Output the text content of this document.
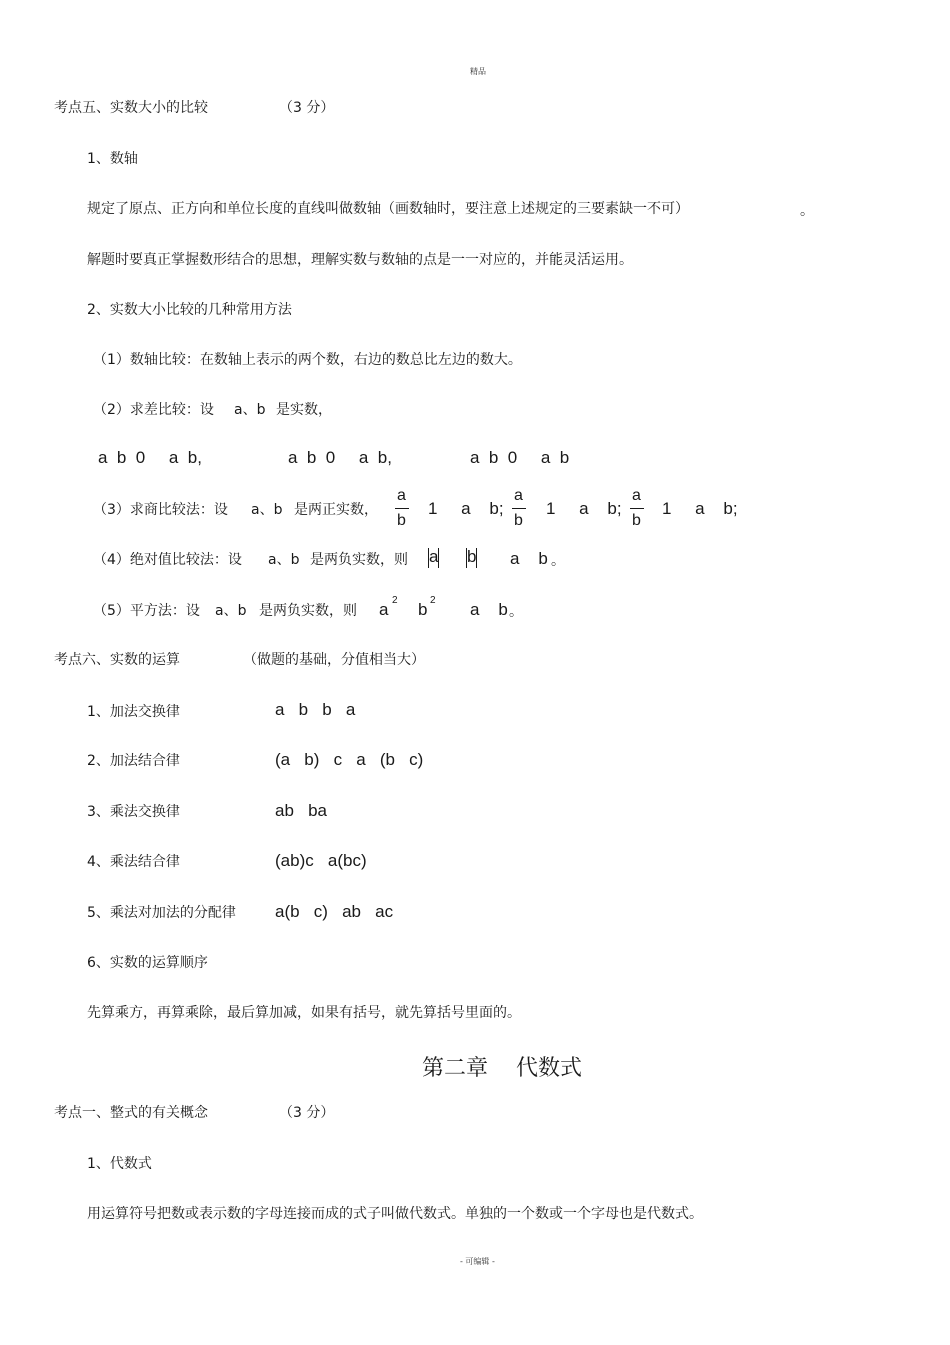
精品
考点五、实数大小的比较	（3 分）
1、数轴
规定了原点、正方向和单位长度的直线叫做数轴（画数轴时，要注意上述规定的三要素缺一不可）	。
解题时要真正掌握数形结合的思想，理解实数与数轴的点是一一对应的，并能灵活运用。
2、实数大小比较的几种常用方法
（1）数轴比较：在数轴上表示的两个数，右边的数总比左边的数大。
（2）求差比较：设 a、b 是实数，
a  b  0     a  b,	a  b  0     a  b,	a  b  0     a  b
（3）求商比较法：设 a、b 是两正实数，
a
b
1     a    b;
a
b
1     a    b;
a
b
1     a    b;
（4）绝对值比较法：设 a、b 是两负实数，则 a b a    b 。
（5）平方法：设 a、b 是两负实数，则 a 2 b 2 a    b 。
考点六、实数的运算	（做题的基础，分值相当大）
1、加法交换律	a   b   b   a
2、加法结合律	(a   b)   c   a   (b   c)
3、乘法交换律	ab   ba
4、乘法结合律	(ab)c   a(bc)
5、乘法对加法的分配律 a(b   c)   ab   ac
6、实数的运算顺序
先算乘方，再算乘除，最后算加减，如果有括号，就先算括号里面的。
第二章    代数式
考点一、整式的有关概念	（3 分）
1、代数式
用运算符号把数或表示数的字母连接而成的式子叫做代数式。单独的一个数或一个字母也是代数式。
- 可编辑 -
